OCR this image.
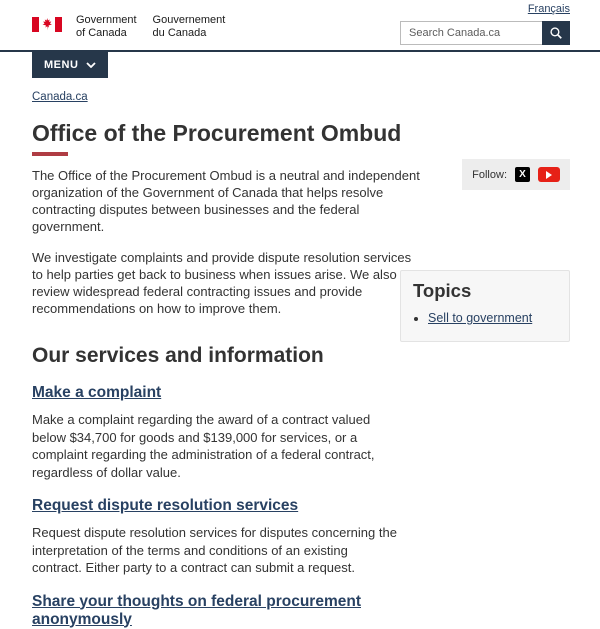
Français
Government
of Canada
Gouvernement
du Canada
Search Canada.ca
MENU
Canada.ca
Office of the Procurement Ombud

The Office of the Procurement Ombud is a neutral and independent organization of the Government of Canada that helps resolve contracting disputes between businesses and the federal government.

We investigate complaints and provide dispute resolution services to help parties get back to business when issues arise. We also review widespread federal contracting issues and provide recommendations on how to improve them.

Our services and information
Make a complaint

Make a complaint regarding the award of a contract valued below $34,700 for goods and $139,000 for services, or a complaint regarding the administration of a federal contract, regardless of dollar value.

Request dispute resolution services

Request dispute resolution services for disputes concerning the interpretation of the terms and conditions of an existing contract. Either party to a contract can submit a request.

Share your thoughts on federal procurement anonymously
Follow:	X
Topics
• Sell to government
